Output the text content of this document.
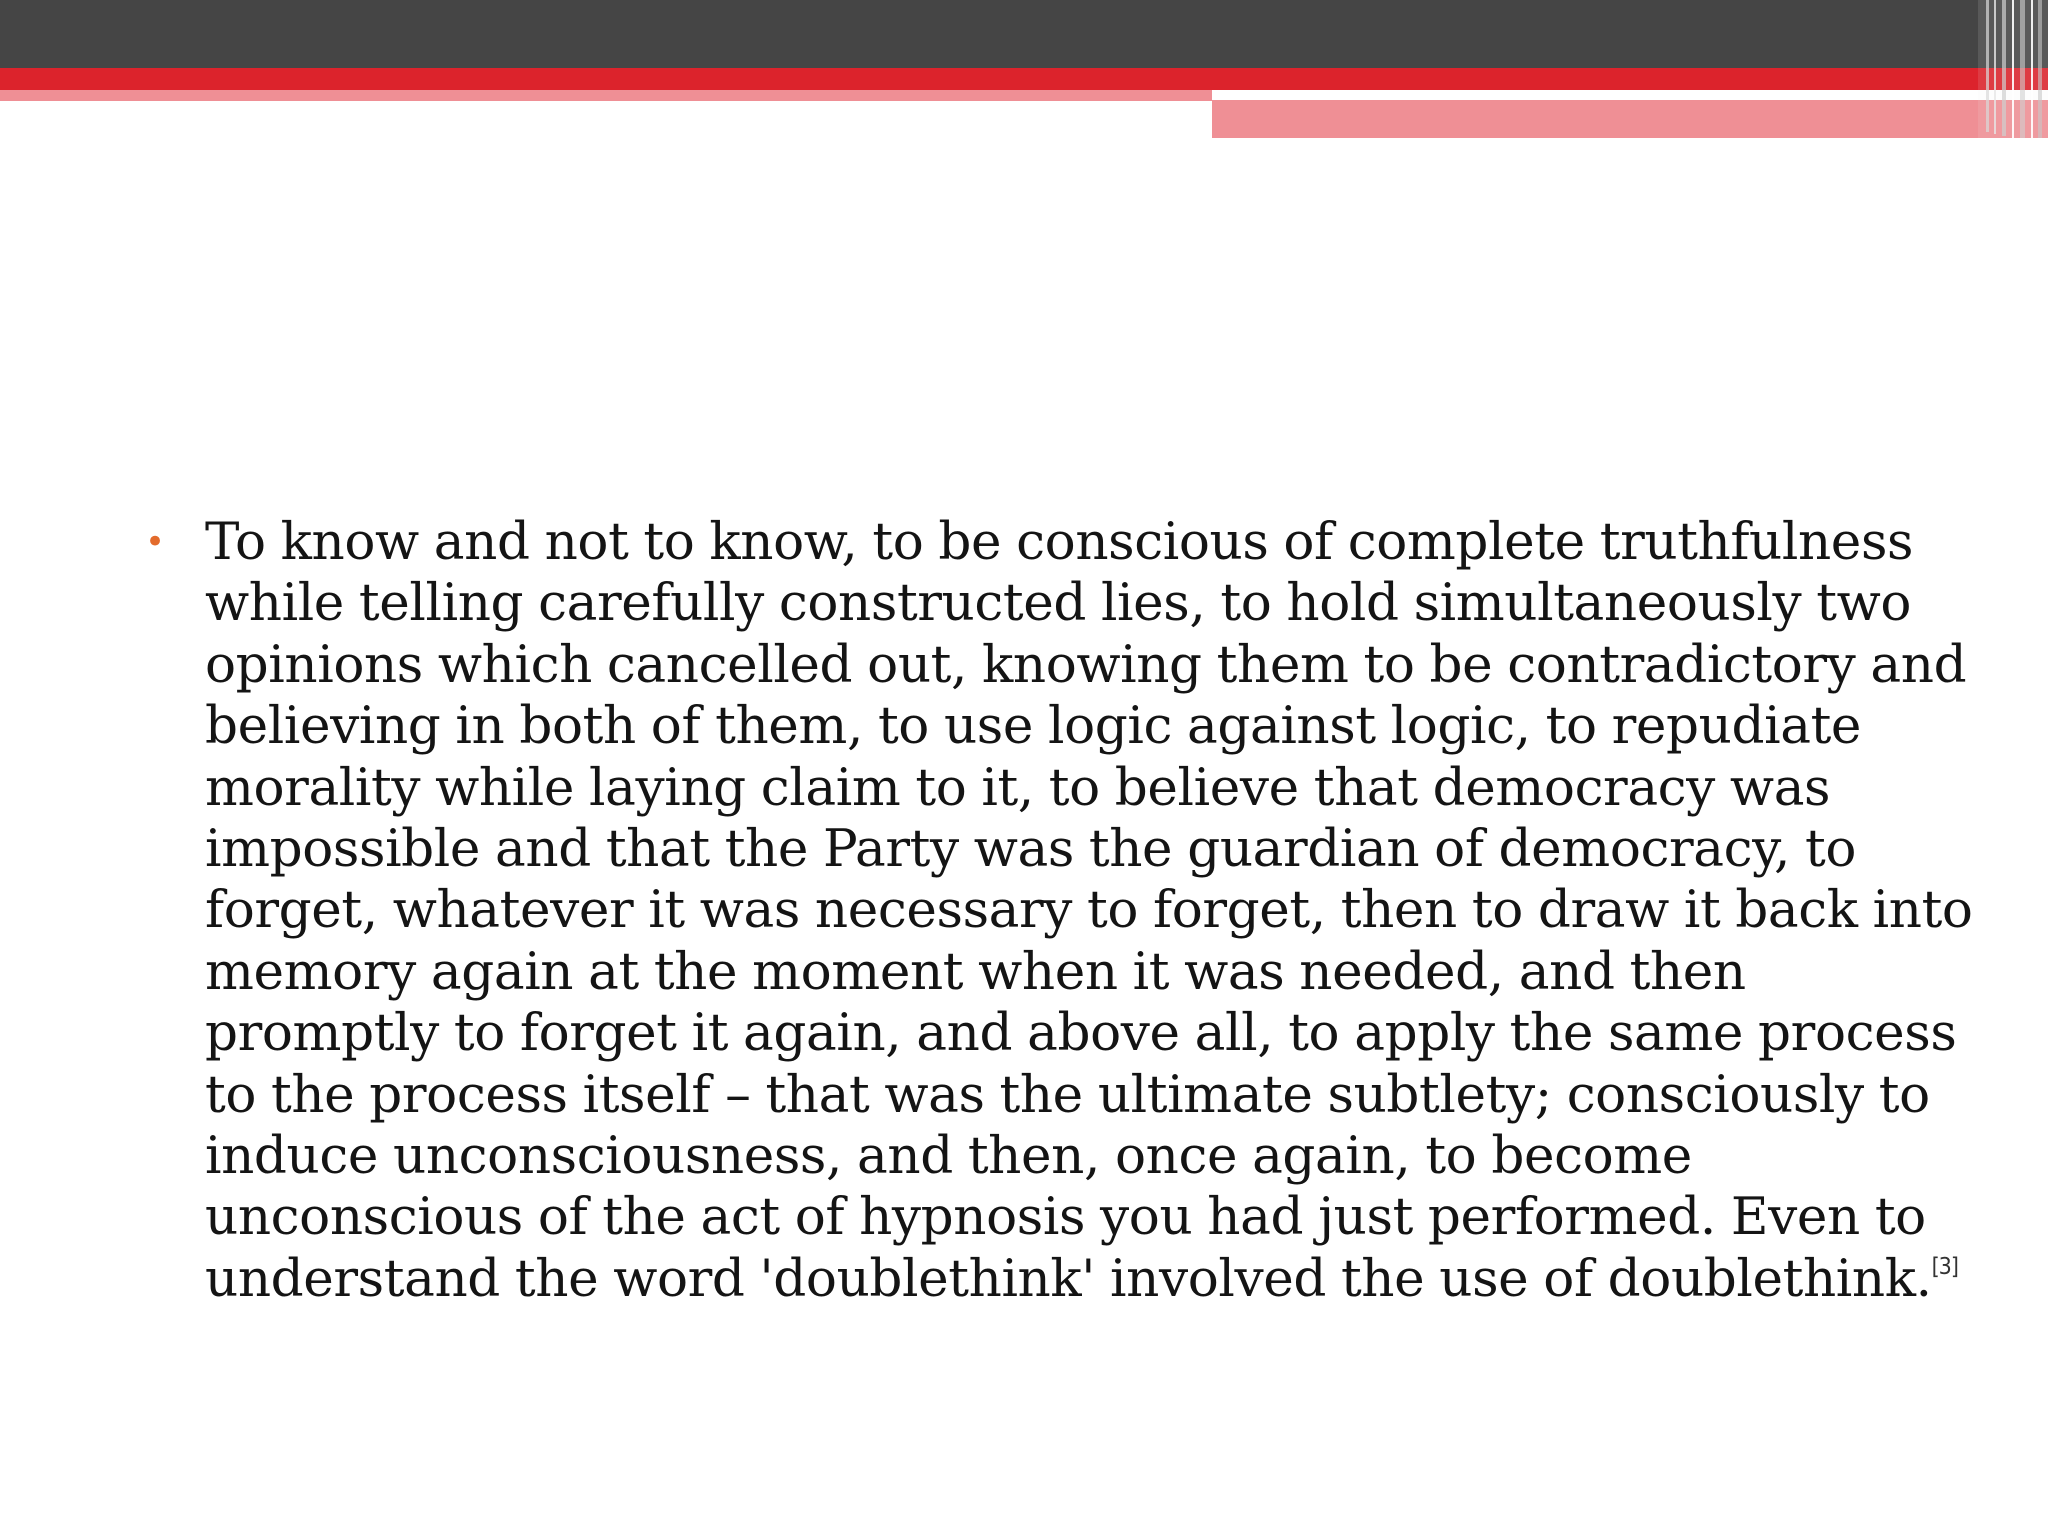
• To know and not to know, to be conscious of complete truthfulness
while telling carefully constructed lies, to hold simultaneously two
opinions which cancelled out, knowing them to be contradictory and
believing in both of them, to use logic against logic, to repudiate
morality while laying claim to it, to believe that democracy was
impossible and that the Party was the guardian of democracy, to
forget, whatever it was necessary to forget, then to draw it back into
memory again at the moment when it was needed, and then
promptly to forget it again, and above all, to apply the same process
to the process itself – that was the ultimate subtlety; consciously to
induce unconsciousness, and then, once again, to become
unconscious of the act of hypnosis you had just performed. Even to
understand the word 'doublethink' involved the use of doublethink.[3]
